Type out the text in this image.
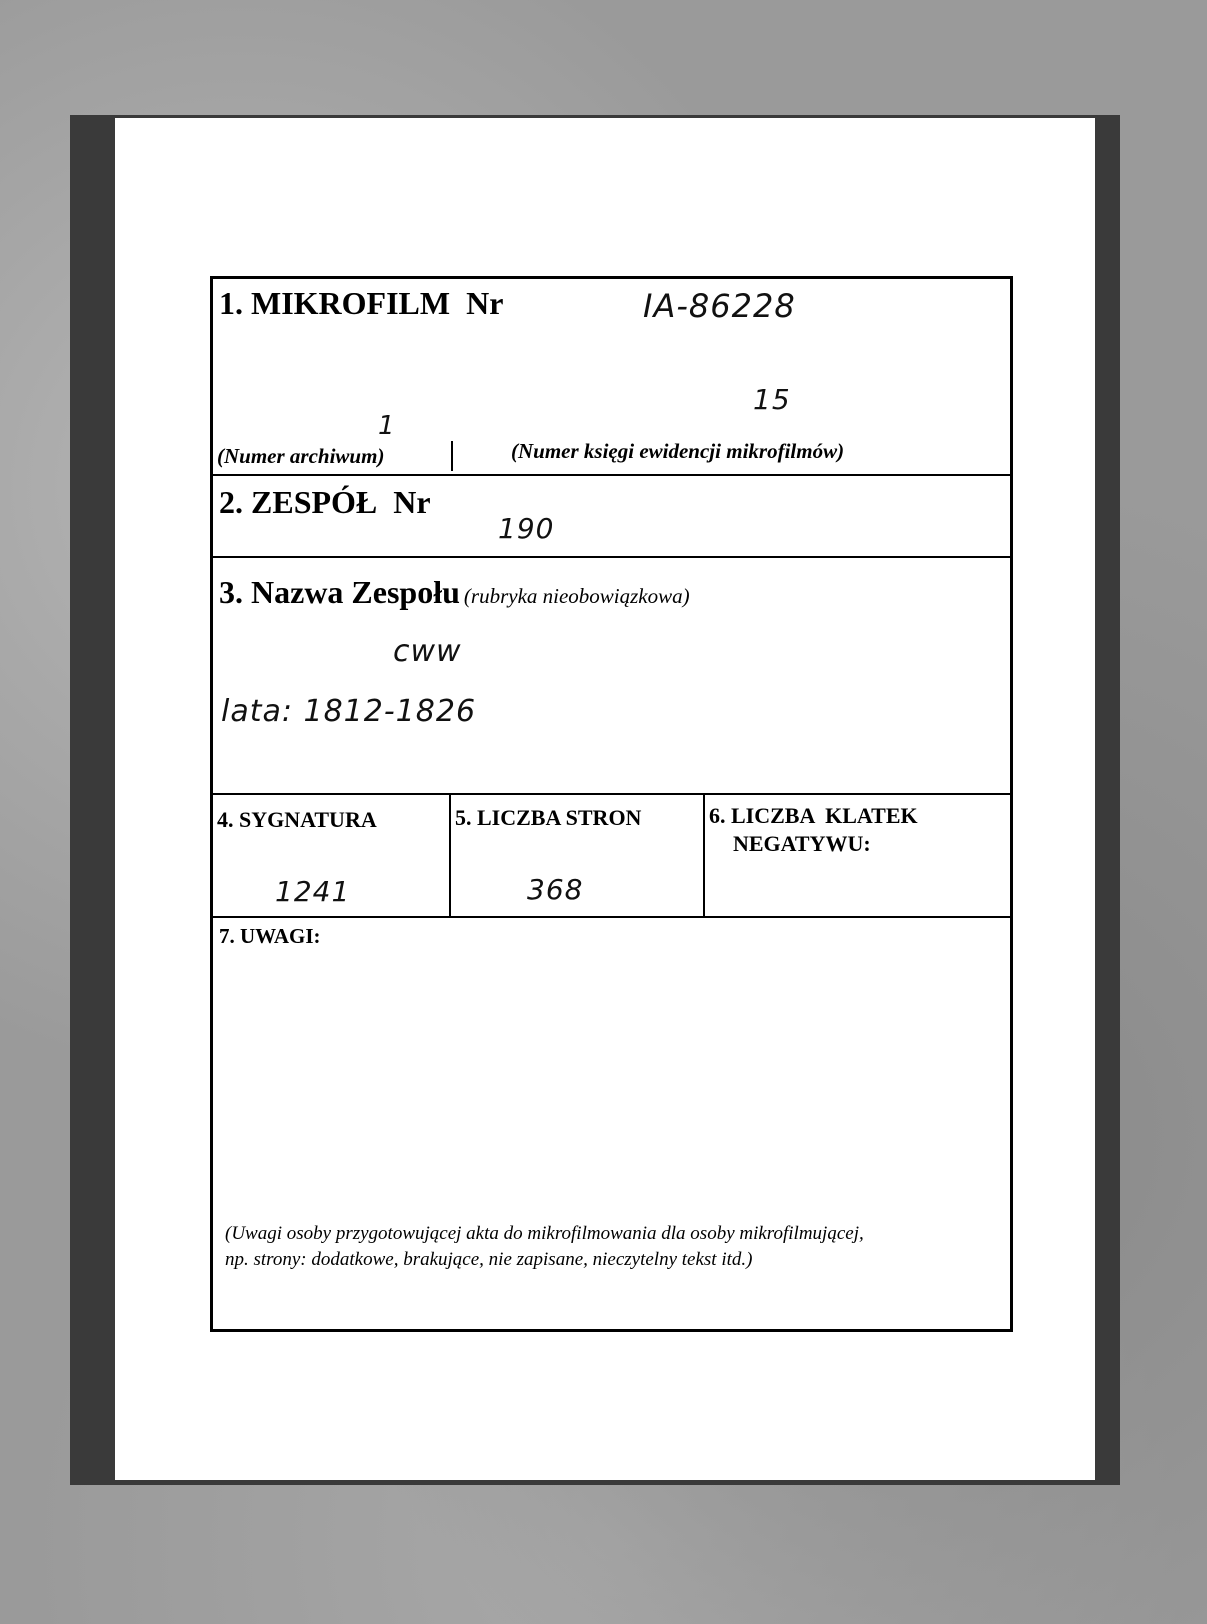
1. MIKROFILM  Nr	IA-86228
15
1
(Numer archiwum)	(Numer księgi ewidencji mikrofilmów)
2. ZESPÓŁ  Nr
190
3. Nazwa Zespołu (rubryka nieobowiązkowa)
cww
lata: 1812-1826
4. SYGNATURA
1241
5. LICZBA STRON
368
6. LICZBA  KLATEK
NEGATYWU:
7. UWAGI:
(Uwagi osoby przygotowującej akta do mikrofilmowania dla osoby mikrofilmującej,
np. strony: dodatkowe, brakujące, nie zapisane, nieczytelny tekst itd.)
